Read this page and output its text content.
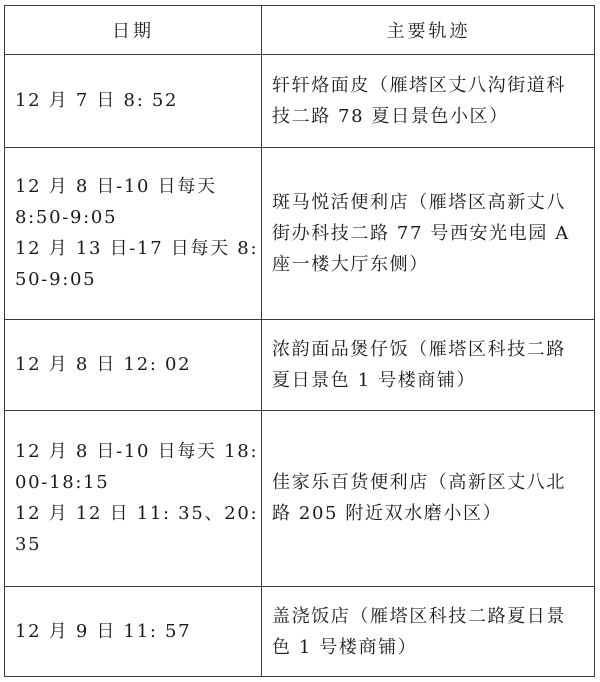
日期	主要轨迹
12 月 7 日 8: 52
轩轩烙面皮（雁塔区丈八沟街道科
技二路 78 夏日景色小区）
12 月 8 日-10 日每天
8:50-9:05
12 月 13 日-17 日每天 8:
50-9:05
斑马悦活便利店（雁塔区高新丈八
街办科技二路 77 号西安光电园 A
座一楼大厅东侧）
12 月 8 日 12: 02
浓韵面品煲仔饭（雁塔区科技二路
夏日景色 1 号楼商铺）
12 月 8 日-10 日每天 18:
00-18:15
12 月 12 日 11: 35、20:
35
佳家乐百货便利店（高新区丈八北
路 205 附近双水磨小区）
12 月 9 日 11: 57
盖浇饭店（雁塔区科技二路夏日景
色 1 号楼商铺）
